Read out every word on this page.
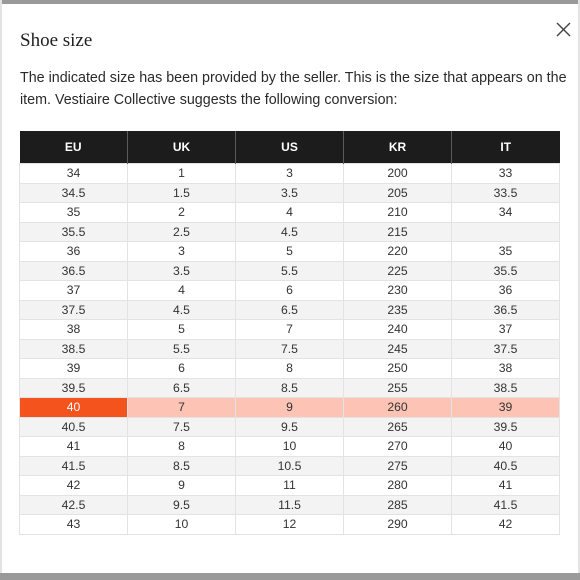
Shoe size

The indicated size has been provided by the seller. This is the size that appears on the item. Vestiaire Collective suggests the following conversion:

EU	UK	US	KR	IT
34	1	3	200	33
34.5	1.5	3.5	205	33.5
35	2	4	210	34
35.5	2.5	4.5	215	
36	3	5	220	35
36.5	3.5	5.5	225	35.5
37	4	6	230	36
37.5	4.5	6.5	235	36.5
38	5	7	240	37
38.5	5.5	7.5	245	37.5
39	6	8	250	38
39.5	6.5	8.5	255	38.5
40	7	9	260	39
40.5	7.5	9.5	265	39.5
41	8	10	270	40
41.5	8.5	10.5	275	40.5
42	9	11	280	41
42.5	9.5	11.5	285	41.5
43	10	12	290	42
